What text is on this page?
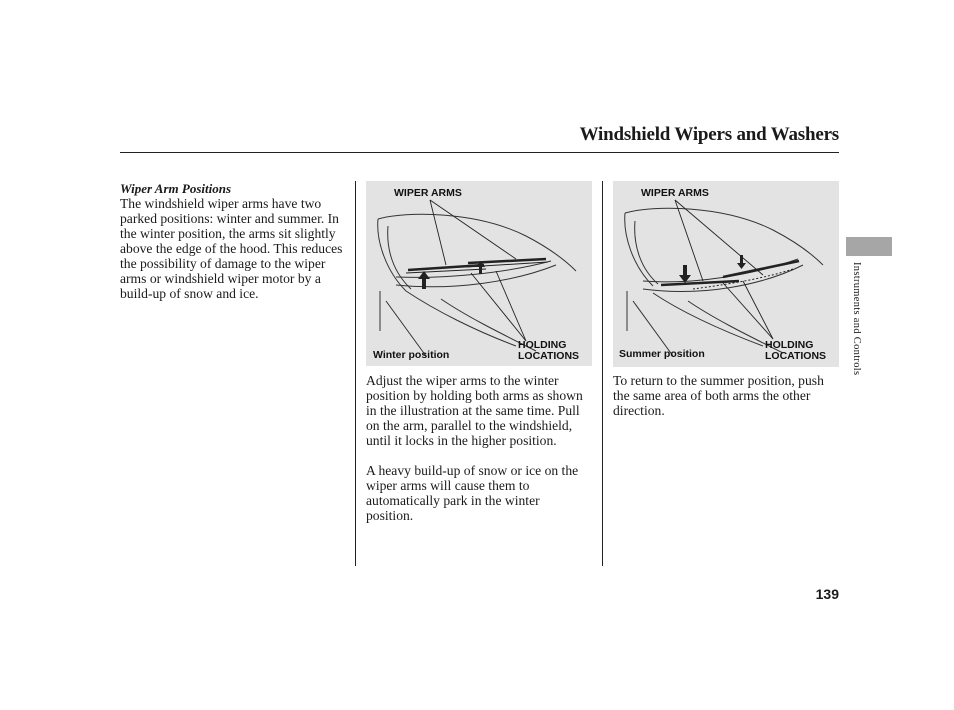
Windshield Wipers and Washers

Wiper Arm Positions

The windshield wiper arms have two parked positions: winter and summer. In the winter position, the arms sit slightly above the edge of the hood. This reduces the possibility of damage to the wiper arms or windshield wiper motor by a build-up of snow and ice.

WIPER ARMS
HOLDING
LOCATIONS
Winter position
WIPER ARMS
HOLDING
LOCATIONS
Summer position

Adjust the wiper arms to the winter position by holding both arms as shown in the illustration at the same time. Pull on the arm, parallel to the windshield, until it locks in the higher position.

A heavy build-up of snow or ice on the wiper arms will cause them to automatically park in the winter position.

To return to the summer position, push the same area of both arms the other direction.

Instruments and Controls
139
